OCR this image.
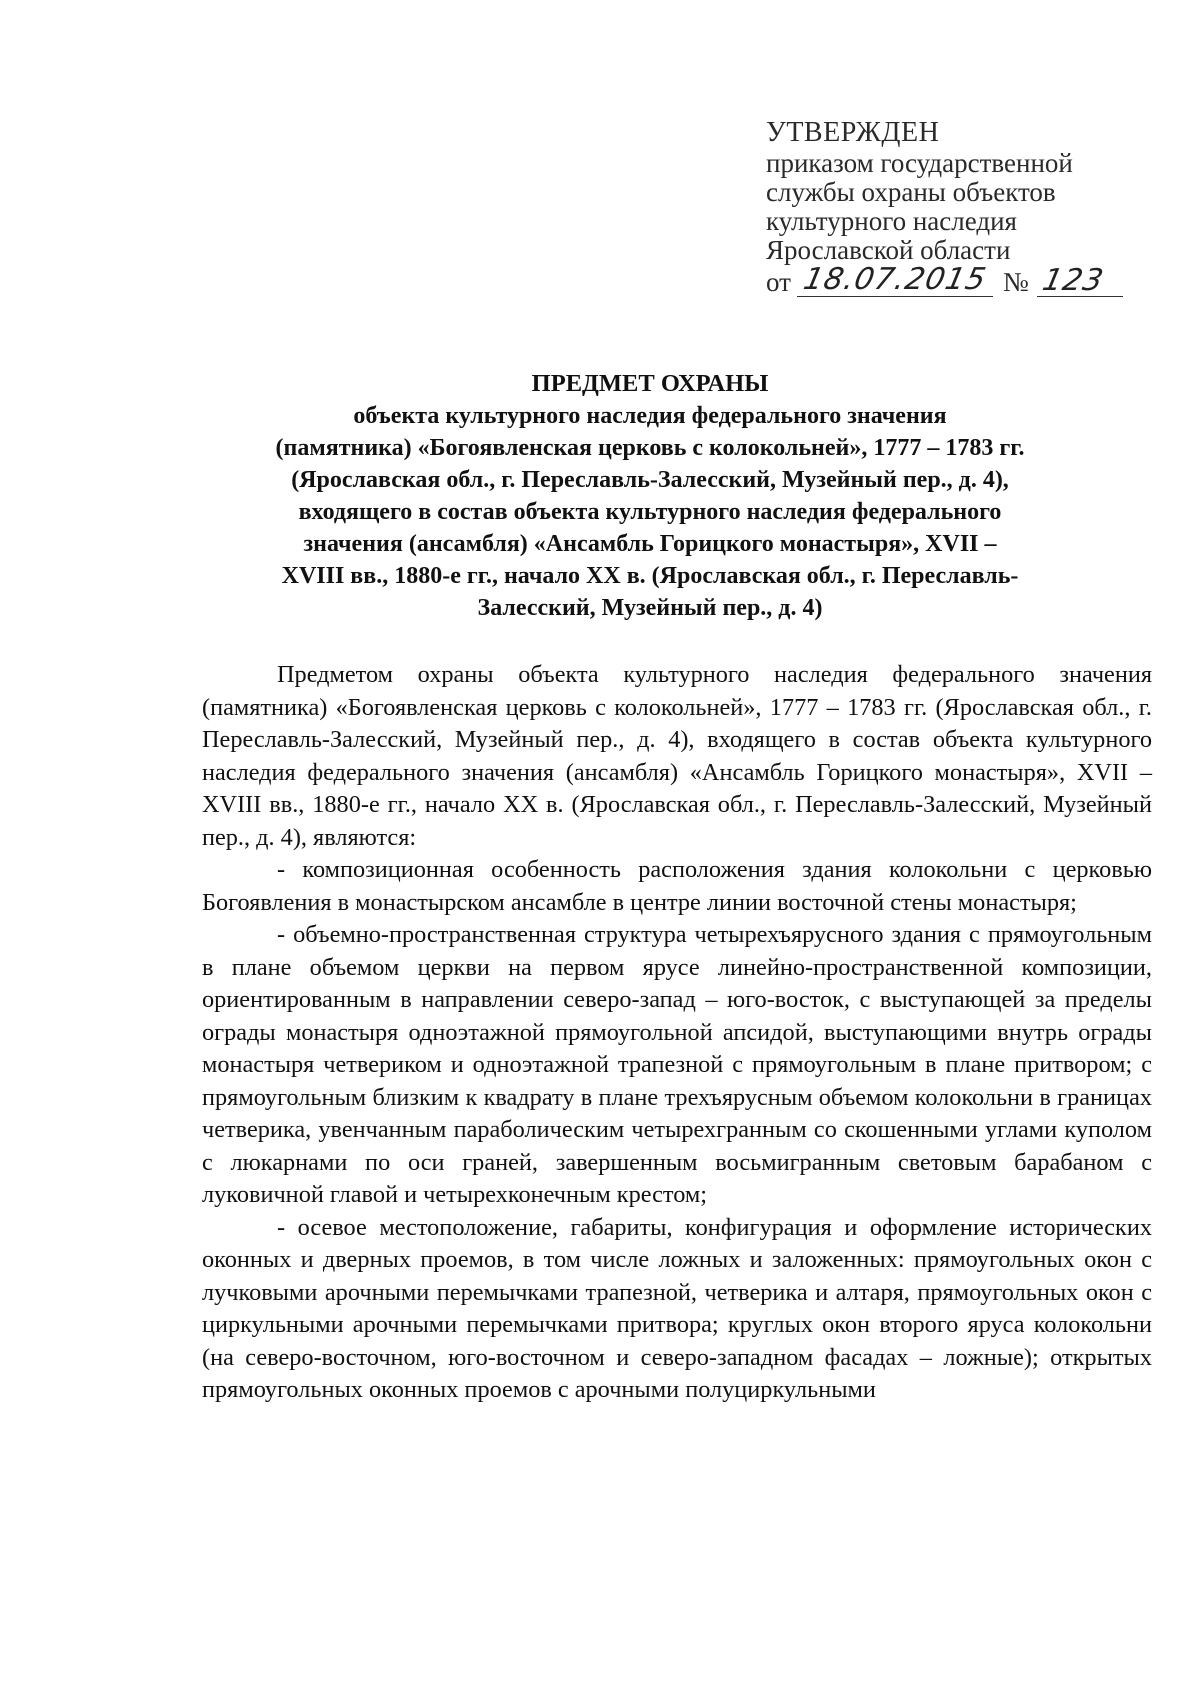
УТВЕРЖДЕН
приказом государственной
службы охраны объектов
культурного наследия
Ярославской области
от 18.07.2015 № 123
ПРЕДМЕТ ОХРАНЫ
объекта культурного наследия федерального значения
(памятника) «Богоявленская церковь с колокольней», 1777 – 1783 гг.
(Ярославская обл., г. Переславль-Залесский, Музейный пер., д. 4),
входящего в состав объекта культурного наследия федерального
значения (ансамбля) «Ансамбль Горицкого монастыря», XVII –
XVIII вв., 1880-е гг., начало XX в. (Ярославская обл., г. Переславль-
Залесский, Музейный пер., д. 4)

Предметом охраны объекта культурного наследия федерального значения (памятника) «Богоявленская церковь с колокольней», 1777 – 1783 гг. (Ярославская обл., г. Переславль-Залесский, Музейный пер., д. 4), входящего в состав объекта культурного наследия федерального значения (ансамбля) «Ансамбль Горицкого монастыря», XVII – XVIII вв., 1880-е гг., начало XX в. (Ярославская обл., г. Переславль-Залесский, Музейный пер., д. 4), являются:

- композиционная особенность расположения здания колокольни с церковью Богоявления в монастырском ансамбле в центре линии восточной стены монастыря;

- объемно-пространственная структура четырехъярусного здания с прямоугольным в плане объемом церкви на первом ярусе линейно-пространственной композиции, ориентированным в направлении северо-запад – юго-восток, с выступающей за пределы ограды монастыря одноэтажной прямоугольной апсидой, выступающими внутрь ограды монастыря четвериком и одноэтажной трапезной с прямоугольным в плане притвором; с прямоугольным близким к квадрату в плане трехъярусным объемом колокольни в границах четверика, увенчанным параболическим четырехгранным со скошенными углами куполом с люкарнами по оси граней, завершенным восьмигранным световым барабаном с луковичной главой и четырехконечным крестом;

- осевое местоположение, габариты, конфигурация и оформление исторических оконных и дверных проемов, в том числе ложных и заложенных: прямоугольных окон с лучковыми арочными перемычками трапезной, четверика и алтаря, прямоугольных окон с циркульными арочными перемычками притвора; круглых окон второго яруса колокольни (на северо-восточном, юго-восточном и северо-западном фасадах – ложные); открытых прямоугольных оконных проемов с арочными полуциркульными
